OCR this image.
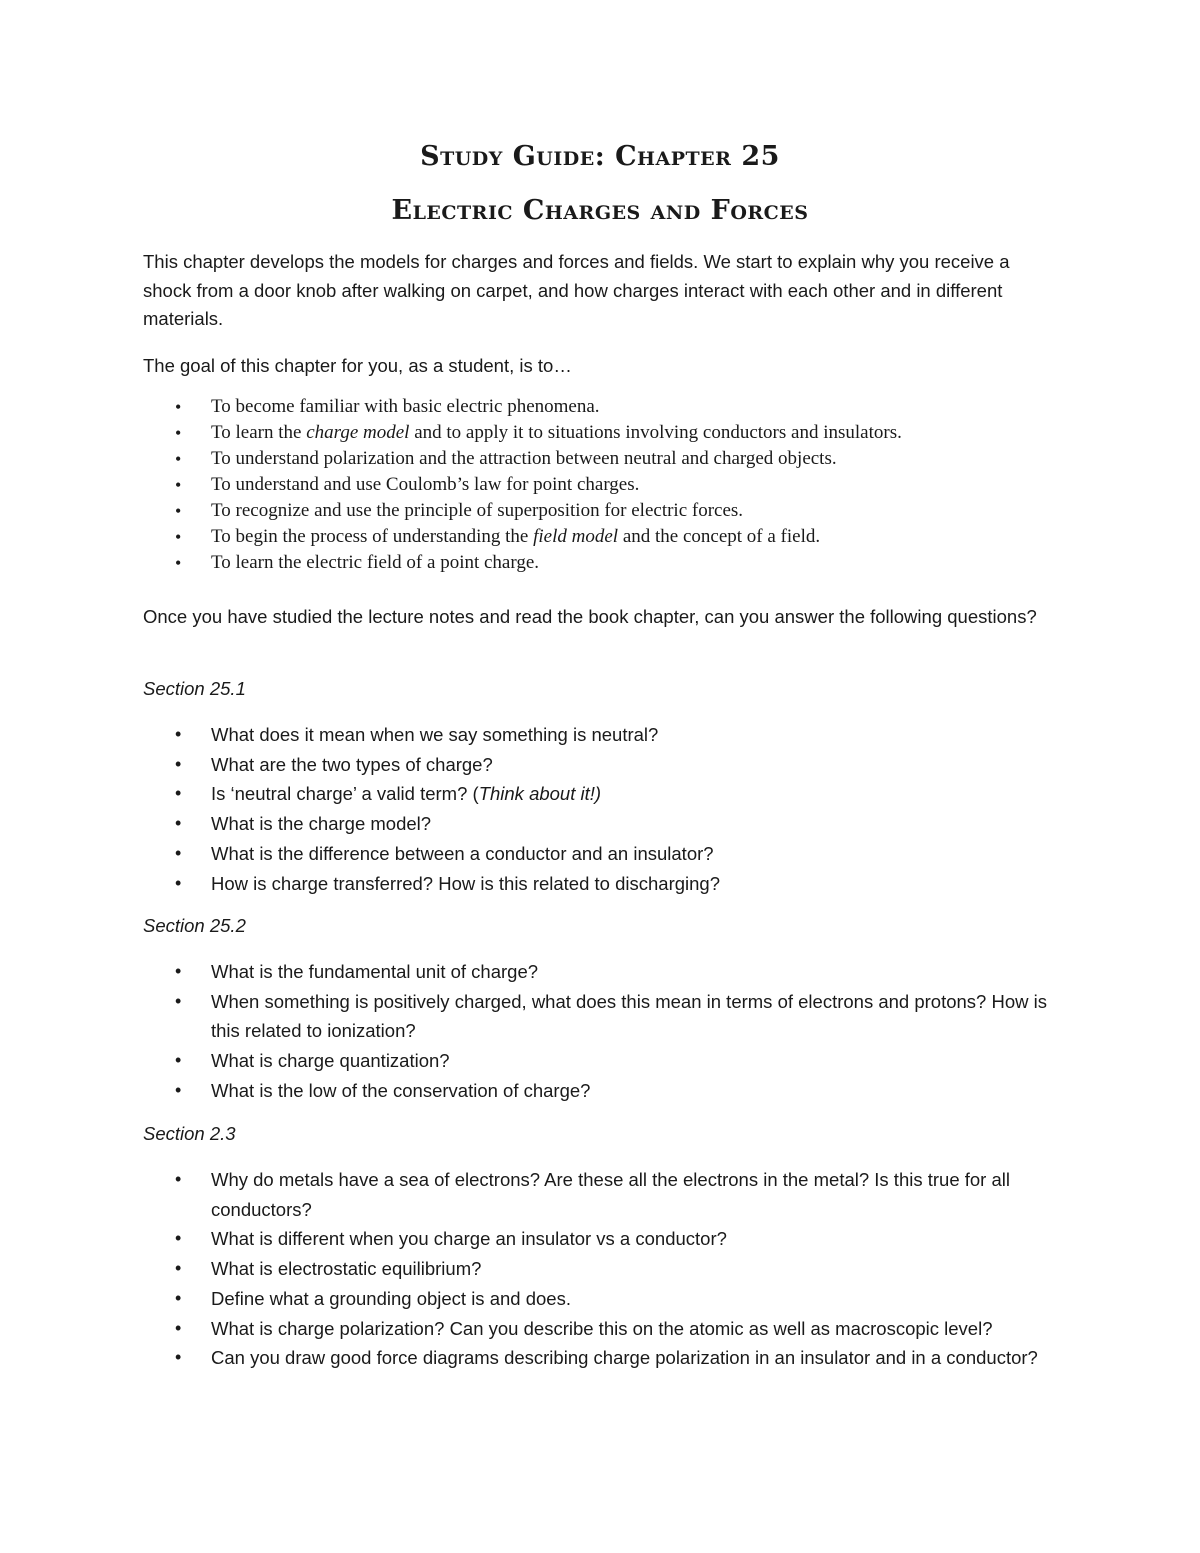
Study Guide: Chapter 25
Electric Charges and Forces

This chapter develops the models for charges and forces and fields. We start to explain why you receive a shock from a door knob after walking on carpet, and how charges interact with each other and in different materials.

The goal of this chapter for you, as a student, is to…

• To become familiar with basic electric phenomena.
• To learn the charge model and to apply it to situations involving conductors and insulators.
• To understand polarization and the attraction between neutral and charged objects.
• To understand and use Coulomb’s law for point charges.
• To recognize and use the principle of superposition for electric forces.
• To begin the process of understanding the field model and the concept of a field.
• To learn the electric field of a point charge.

Once you have studied the lecture notes and read the book chapter, can you answer the following questions?

Section 25.1

• What does it mean when we say something is neutral?
• What are the two types of charge?
• Is ‘neutral charge’ a valid term? (Think about it!)
• What is the charge model?
• What is the difference between a conductor and an insulator?
• How is charge transferred? How is this related to discharging?

Section 25.2

• What is the fundamental unit of charge?
• When something is positively charged, what does this mean in terms of electrons and protons? How is this related to ionization?
• What is charge quantization?
• What is the low of the conservation of charge?

Section 2.3

• Why do metals have a sea of electrons? Are these all the electrons in the metal? Is this true for all conductors?
• What is different when you charge an insulator vs a conductor?
• What is electrostatic equilibrium?
• Define what a grounding object is and does.
• What is charge polarization? Can you describe this on the atomic as well as macroscopic level?
• Can you draw good force diagrams describing charge polarization in an insulator and in a conductor?
